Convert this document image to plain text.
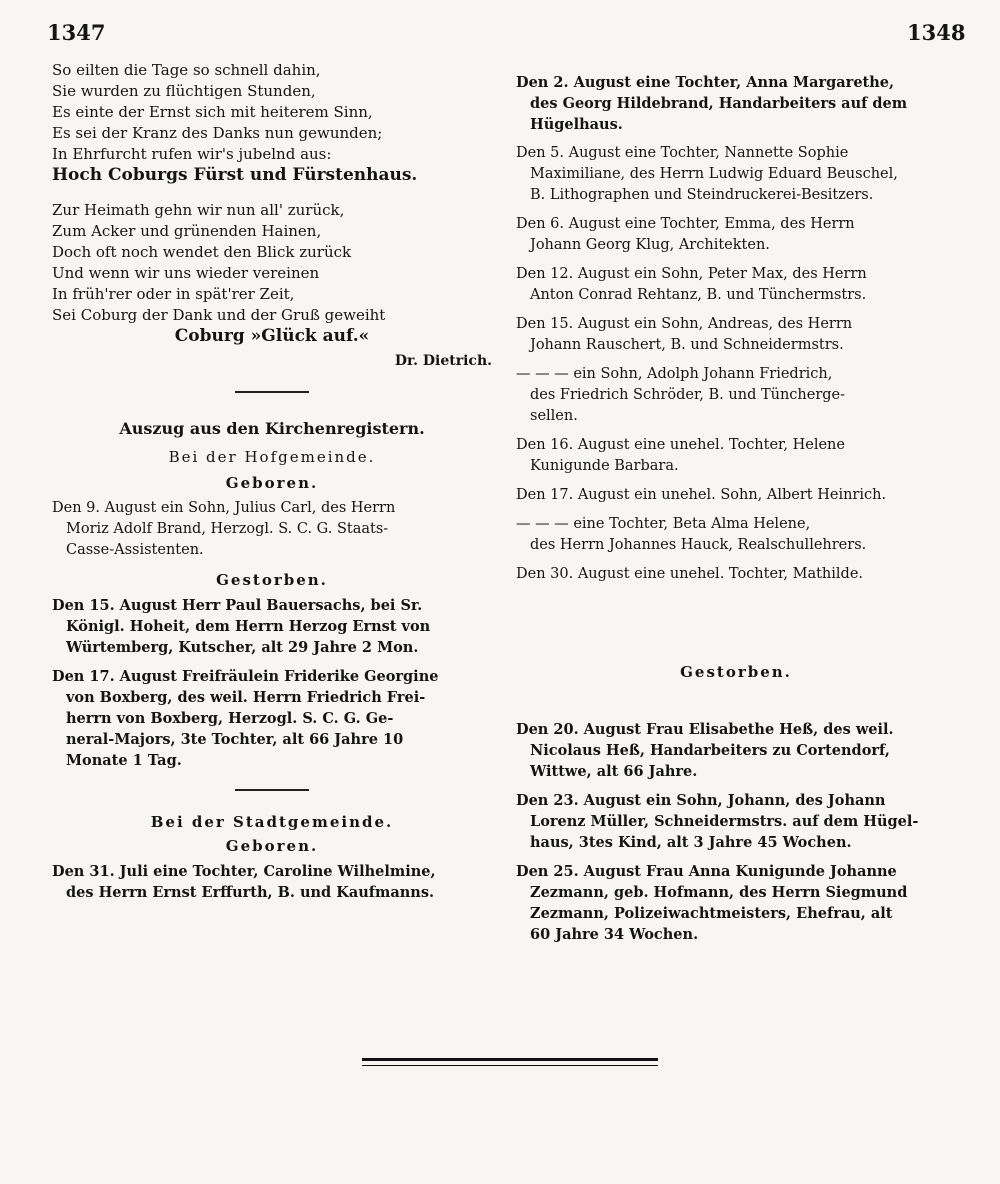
1347	1348
So eilten die Tage so schnell dahin,
Sie wurden zu flüchtigen Stunden,
Es einte der Ernst sich mit heiterem Sinn,
Es sei der Kranz des Danks nun gewunden;
In Ehrfurcht rufen wir's jubelnd aus:
Hoch Coburgs Fürst und Fürstenhaus.
Zur Heimath gehn wir nun all' zurück,
Zum Acker und grünenden Hainen,
Doch oft noch wendet den Blick zurück
Und wenn wir uns wieder vereinen
In früh'rer oder in spät'rer Zeit,
Sei Coburg der Dank und der Gruß geweiht
Coburg »Glück auf.«
Dr. Dietrich.
Auszug aus den Kirchenregistern.
Bei der Hofgemeinde.
Geboren.
Den 9. August ein Sohn, Julius Carl, des Herrn
Moriz Adolf Brand, Herzogl. S. C. G. Staats-
Casse-Assistenten.
Gestorben.
Den 15. August Herr Paul Bauersachs, bei Sr.
Königl. Hoheit, dem Herrn Herzog Ernst von
Würtemberg, Kutscher, alt 29 Jahre 2 Mon.
Den 17. August Freifräulein Friderike Georgine
von Boxberg, des weil. Herrn Friedrich Frei-
herrn von Boxberg, Herzogl. S. C. G. Ge-
neral-Majors, 3te Tochter, alt 66 Jahre 10
Monate 1 Tag.
Bei der Stadtgemeinde.
Geboren.
Den 31. Juli eine Tochter, Caroline Wilhelmine,
des Herrn Ernst Erffurth, B. und Kaufmanns.
Den 2. August eine Tochter, Anna Margarethe,
des Georg Hildebrand, Handarbeiters auf dem
Hügelhaus.
Den 5. August eine Tochter, Nannette Sophie
Maximiliane, des Herrn Ludwig Eduard Beuschel,
B. Lithographen und Steindruckerei-Besitzers.
Den 6. August eine Tochter, Emma, des Herrn
Johann Georg Klug, Architekten.
Den 12. August ein Sohn, Peter Max, des Herrn
Anton Conrad Rehtanz, B. und Tünchermstrs.
Den 15. August ein Sohn, Andreas, des Herrn
Johann Rauschert, B. und Schneidermstrs.
— — — ein Sohn, Adolph Johann Friedrich,
des Friedrich Schröder, B. und Tüncherge-
sellen.
Den 16. August eine unehel. Tochter, Helene
Kunigunde Barbara.
Den 17. August ein unehel. Sohn, Albert Heinrich.
— — — eine Tochter, Beta Alma Helene,
des Herrn Johannes Hauck, Realschullehrers.
Den 30. August eine unehel. Tochter, Mathilde.
Gestorben.
Den 20. August Frau Elisabethe Heß, des weil.
Nicolaus Heß, Handarbeiters zu Cortendorf,
Wittwe, alt 66 Jahre.
Den 23. August ein Sohn, Johann, des Johann
Lorenz Müller, Schneidermstrs. auf dem Hügel-
haus, 3tes Kind, alt 3 Jahre 45 Wochen.
Den 25. August Frau Anna Kunigunde Johanne
Zezmann, geb. Hofmann, des Herrn Siegmund
Zezmann, Polizeiwachtmeisters, Ehefrau, alt
60 Jahre 34 Wochen.
